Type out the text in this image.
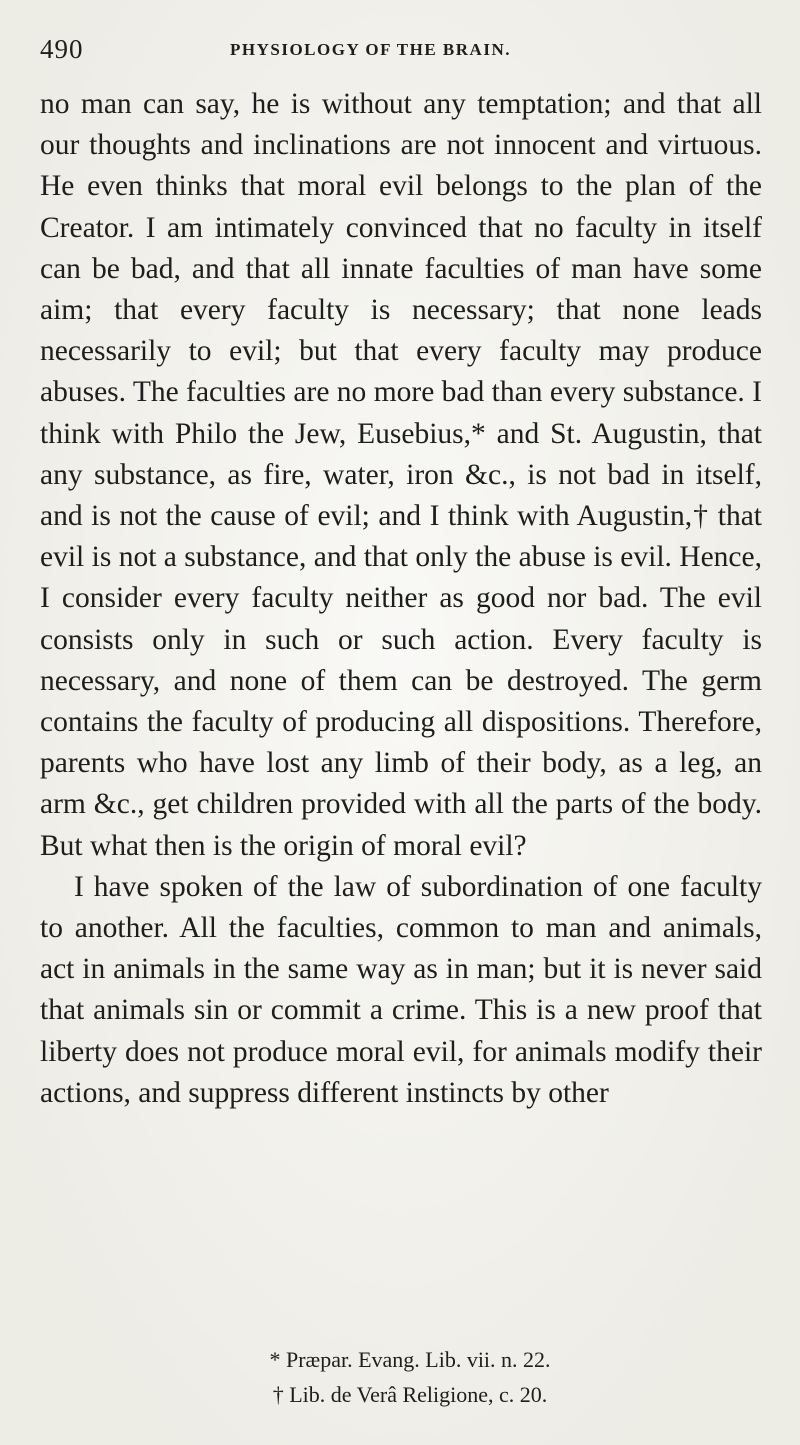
490	PHYSIOLOGY OF THE BRAIN.

no man can say, he is without any temptation; and that all our thoughts and inclinations are not innocent and virtuous. He even thinks that moral evil belongs to the plan of the Creator. I am intimately convinced that no faculty in itself can be bad, and that all innate faculties of man have some aim; that every faculty is necessary; that none leads necessarily to evil; but that every faculty may produce abuses. The faculties are no more bad than every substance. I think with Philo the Jew, Eusebius,* and St. Augustin, that any substance, as fire, water, iron &c., is not bad in itself, and is not the cause of evil; and I think with Augustin,† that evil is not a substance, and that only the abuse is evil. Hence, I consider every faculty neither as good nor bad. The evil consists only in such or such action. Every faculty is necessary, and none of them can be destroyed. The germ contains the faculty of producing all dispositions. Therefore, parents who have lost any limb of their body, as a leg, an arm &c., get children provided with all the parts of the body. But what then is the origin of moral evil?

I have spoken of the law of subordination of one faculty to another. All the faculties, common to man and animals, act in animals in the same way as in man; but it is never said that animals sin or commit a crime. This is a new proof that liberty does not produce moral evil, for animals modify their actions, and suppress different instincts by other

* Præpar. Evang. Lib. vii. n. 22.
† Lib. de Verâ Religione, c. 20.
